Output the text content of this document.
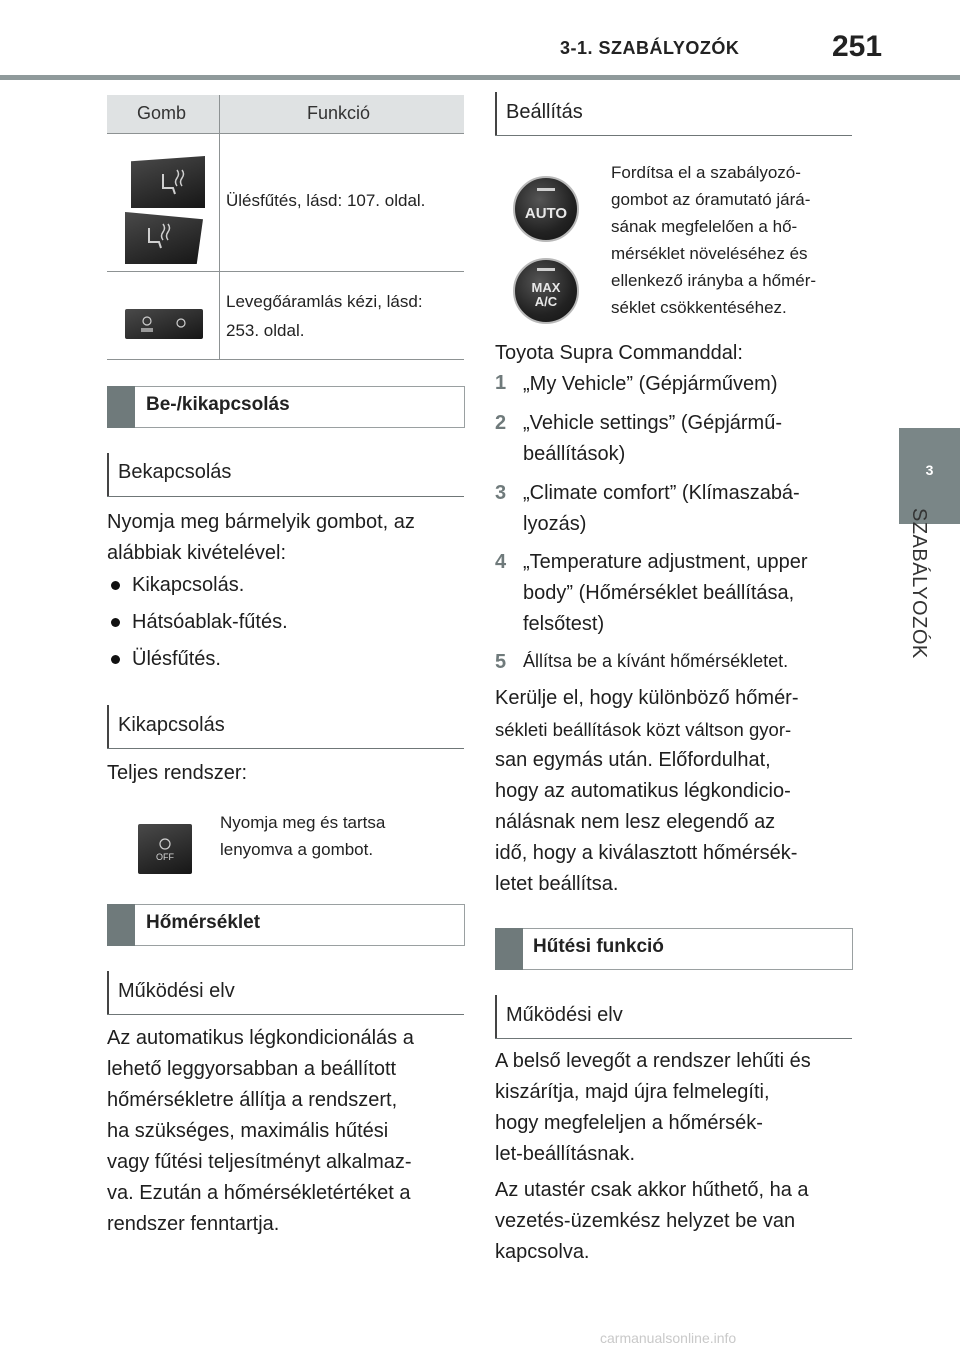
3-1. SZABÁLYOZÓK	251
3
SZABÁLYOZÓK
Gomb	Funkció
Ülésfűtés, lásd: 107. oldal.
Levegőáramlás kézi, lásd:
253. oldal.
Be-/kikapcsolás
Bekapcsolás
Nyomja meg bármelyik gombot, az
alábbiak kivételével:
Kikapcsolás.
Hátsóablak-fűtés.
Ülésfűtés.
Kikapcsolás
Teljes rendszer:
OFF
Nyomja meg és tartsa
lenyomva a gombot.
Hőmérséklet
Működési elv
Az automatikus légkondicionálás a
lehető leggyorsabban a beállított
hőmérsékletre állítja a rendszert,
ha szükséges, maximális hűtési
vagy fűtési teljesítményt alkalmaz-
va. Ezután a hőmérsékletértéket a
rendszer fenntartja.
Beállítás
AUTO
MAX
A/C
Fordítsa el a szabályozó-
gombot az óramutató járá-
sának megfelelően a hő-
mérséklet növeléséhez és
ellenkező irányba a hőmér-
séklet csökkentéséhez.
Toyota Supra Commanddal:
1 „My Vehicle” (Gépjárművem)
2 „Vehicle settings” (Gépjármű-
beállítások)
3 „Climate comfort” (Klímaszabá-
lyozás)
4 „Temperature adjustment, upper
body” (Hőmérséklet beállítása,
felsőtest)
5 Állítsa be a kívánt hőmérsékletet.
Kerülje el, hogy különböző hőmér-
sékleti beállítások közt váltson gyor-
san egymás után. Előfordulhat,
hogy az automatikus légkondicio-
nálásnak nem lesz elegendő az
idő, hogy a kiválasztott hőmérsék-
letet beállítsa.
Hűtési funkció
Működési elv
A belső levegőt a rendszer lehűti és
kiszárítja, majd újra felmelegíti,
hogy megfeleljen a hőmérsék-
let-beállításnak.
Az utastér csak akkor hűthető, ha a
vezetés-üzemkész helyzet be van
kapcsolva.
carmanualsonline.info
